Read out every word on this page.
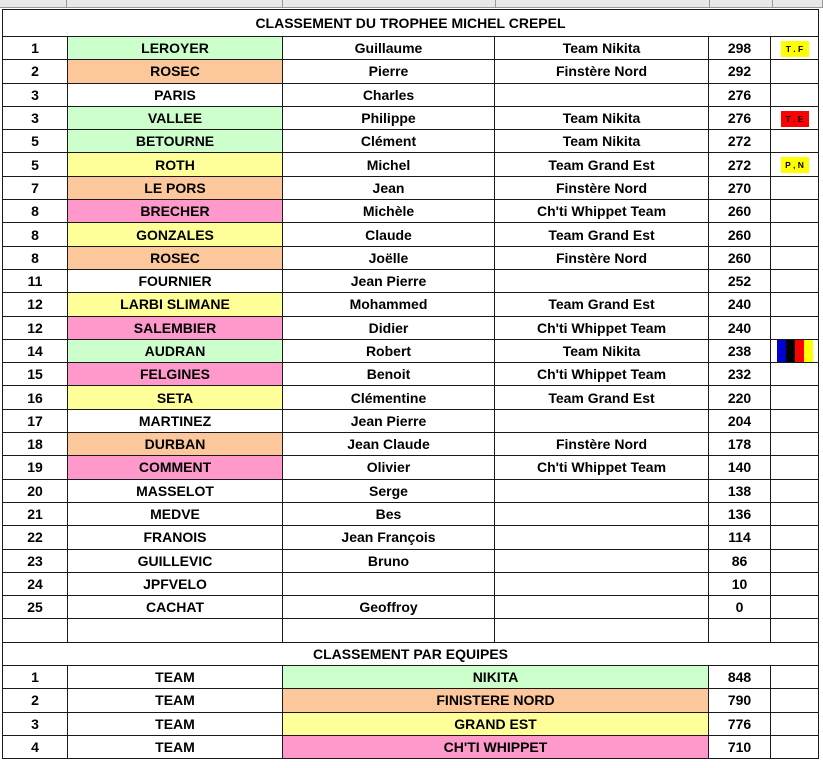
CLASSEMENT DU TROPHEE MICHEL CREPEL					
1	LEROYER	Guillaume	Team Nikita	298	T . F
2	ROSEC	Pierre	Finstère Nord	292	
3	PARIS	Charles		276	
3	VALLEE	Philippe	Team Nikita	276	T . E
5	BETOURNE	Clément	Team Nikita	272	
5	ROTH	Michel	Team Grand Est	272	P , N
7	LE PORS	Jean	Finstère Nord	270	
8	BRECHER	Michèle	Ch'ti Whippet Team	260	
8	GONZALES	Claude	Team Grand Est	260	
8	ROSEC	Joëlle	Finstère Nord	260	
11	FOURNIER	Jean Pierre		252	
12	LARBI SLIMANE	Mohammed	Team Grand Est	240	
12	SALEMBIER	Didier	Ch'ti Whippet Team	240	
14	AUDRAN	Robert	Team Nikita	238	
15	FELGINES	Benoit	Ch'ti Whippet Team	232	
16	SETA	Clémentine	Team Grand Est	220	
17	MARTINEZ	Jean Pierre		204	
18	DURBAN	Jean Claude	Finstère Nord	178	
19	COMMENT	Olivier	Ch'ti Whippet Team	140	
20	MASSELOT	Serge		138	
21	MEDVE	Bes		136	
22	FRANOIS	Jean François		114	
23	GUILLEVIC	Bruno		86	
24	JPFVELO			10	
25	CACHAT	Geoffroy		0	

CLASSEMENT PAR EQUIPES					
1	TEAM	NIKITA		848	
2	TEAM	FINISTERE NORD		790	
3	TEAM	GRAND EST		776	
4	TEAM	CH'TI WHIPPET		710	
